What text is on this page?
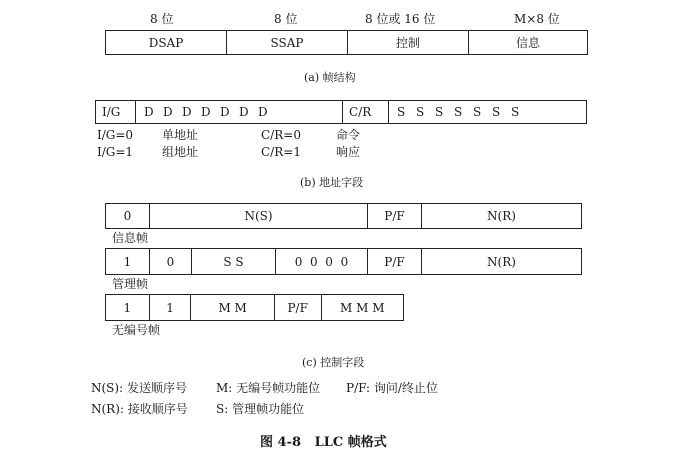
8 位	8 位	8 位或 16 位	M×8 位
DSAP	SSAP	控制	信息
(a) 帧结构
I/G	D D D D D D D	C/R	S S S S S S S
I/G=0 单地址	C/R=0	命令
I/G=1 组地址	C/R=1	响应
(b) 地址字段
0	N(S)	P/F	N(R)
信息帧
1	0	S S	0  0  0  0	P/F	N(R)
管理帧
1	1	M M	P/F	M M M
无编号帧
(c) 控制字段
N(S): 发送顺序号 M: 无编号帧功能位 P/F: 询问/终止位
N(R): 接收顺序号 S: 管理帧功能位
图 4-8   LLC 帧格式
